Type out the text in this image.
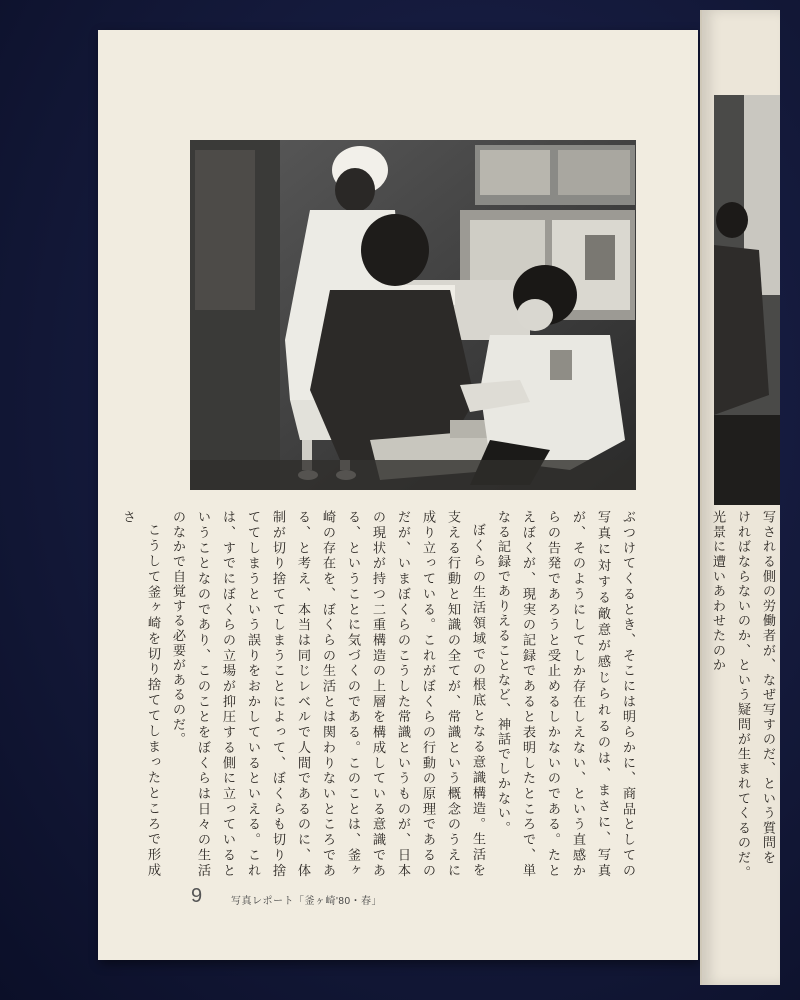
ぶつけてくるとき、そこには明らかに、商品としての写真に対する敵意が感じられるのは、まさに、写真が、そのようにしてしか存在しえない、という直感からの告発であろうと受止めるしかないのである。たとえぼくが、現実の記録であると表明したところで、単なる記録でありえることなど、神話でしかない。

ぼくらの生活領域での根底となる意識構造。生活を支える行動と知識の全てが、常識という概念のうえに成り立っている。これがぼくらの行動の原理であるのだが、いまぼくらのこうした常識というものが、日本の現状が持つ二重構造の上層を構成している意識である、ということに気づくのである。このことは、釜ヶ崎の存在を、ぼくらの生活とは関わりないところである、と考え、本当は同じレベルで人間であるのに、体制が切り捨ててしまうことによって、ぼくらも切り捨ててしまうという誤りをおかしているといえる。これは、すでにぼくらの立場が抑圧する側に立っているということなのであり、このことをぼくらは日々の生活のなかで自覚する必要があるのだ。

こうして釜ヶ崎を切り捨ててしまったところで形成さ

9	写真レポート「釜ヶ崎'80・春」

写される側の労働者が、なぜ写すのだ、という質問を

ければならないのか、という疑問が生まれてくるのだ。

光景に遭いあわせたのか
